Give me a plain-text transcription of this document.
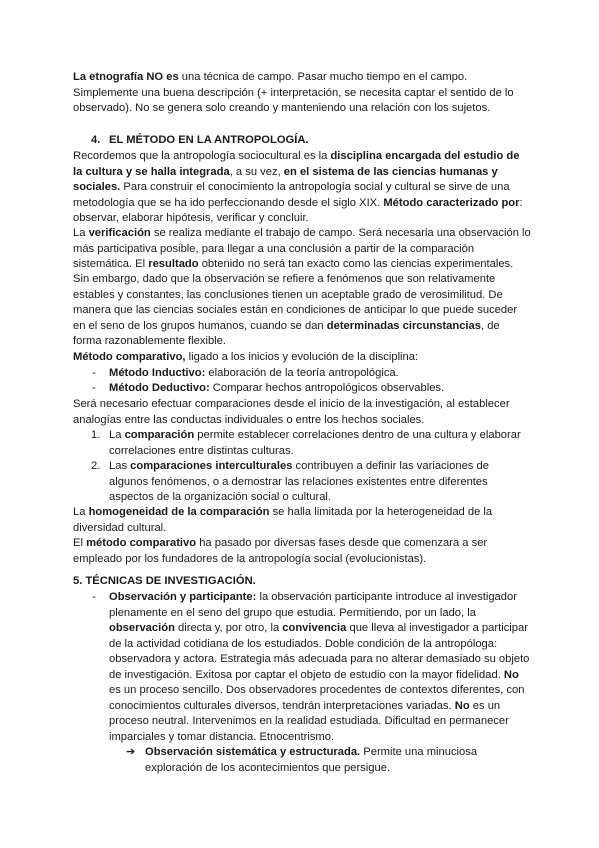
La etnografía NO es una técnica de campo. Pasar mucho tiempo en el campo.
Simplemente una buena descripción (+ interpretación, se necesita captar el sentido de lo observado). No se genera solo creando y manteniendo una relación con los sujetos.

4. EL MÉTODO EN LA ANTROPOLOGÍA.

Recordemos que la antropología sociocultural es la disciplina encargada del estudio de la cultura y se halla integrada, a su vez, en el sistema de las ciencias humanas y sociales. Para construir el conocimiento la antropología social y cultural se sirve de una metodología que se ha ido perfeccionando desde el siglo XIX. Método caracterizado por: observar, elaborar hipótesis, verificar y concluir.

La verificación se realiza mediante el trabajo de campo. Será necesaria una observación lo más participativa posible, para llegar a una conclusión a partir de la comparación sistemática. El resultado obtenido no será tan exacto como las ciencias experimentales.

Sin embargo, dado que la observación se refiere a fenómenos que son relativamente estables y constantes, las conclusiones tienen un aceptable grado de verosimilitud. De manera que las ciencias sociales están en condiciones de anticipar lo que puede suceder en el seno de los grupos humanos, cuando se dan determinadas circunstancias, de forma razonablemente flexible.

Método comparativo, ligado a los inicios y evolución de la disciplina:

- Método Inductivo: elaboración de la teoría antropológica.
- Método Deductivo: Comparar hechos antropológicos observables.

Será necesario efectuar comparaciones desde el inicio de la investigación, al establecer analogías entre las conductas individuales o entre los hechos sociales.

1. La comparación permite establecer correlaciones dentro de una cultura y elaborar correlaciones entre distintas culturas.

2. Las comparaciones interculturales contribuyen a definir las variaciones de algunos fenómenos, o a demostrar las relaciones existentes entre diferentes aspectos de la organización social o cultural.

La homogeneidad de la comparación se halla limitada por la heterogeneidad de la diversidad cultural.

El método comparativo ha pasado por diversas fases desde que comenzara a ser empleado por los fundadores de la antropología social (evolucionistas).

5. TÉCNICAS DE INVESTIGACIÓN.
- Observación y participante: la observación participante introduce al investigador plenamente en el seno del grupo que estudia. Permitiendo, por un lado, la observación directa y, por otro, la convivencia que lleva al investigador a participar de la actividad cotidiana de los estudiados. Doble condición de la antropóloga: observadora y actora. Estrategia más adecuada para no alterar demasiado su objeto de investigación. Exitosa por captar el objeto de estudio con la mayor fidelidad. No es un proceso sencillo. Dos observadores procedentes de contextos diferentes, con conocimientos culturales diversos, tendrán interpretaciones variadas. No es un proceso neutral. Intervenimos en la realidad estudiada. Dificultad en permanecer imparciales y tomar distancia. Etnocentrismo.

➔ Observación sistemática y estructurada. Permite una minuciosa exploración de los acontecimientos que persigue.
